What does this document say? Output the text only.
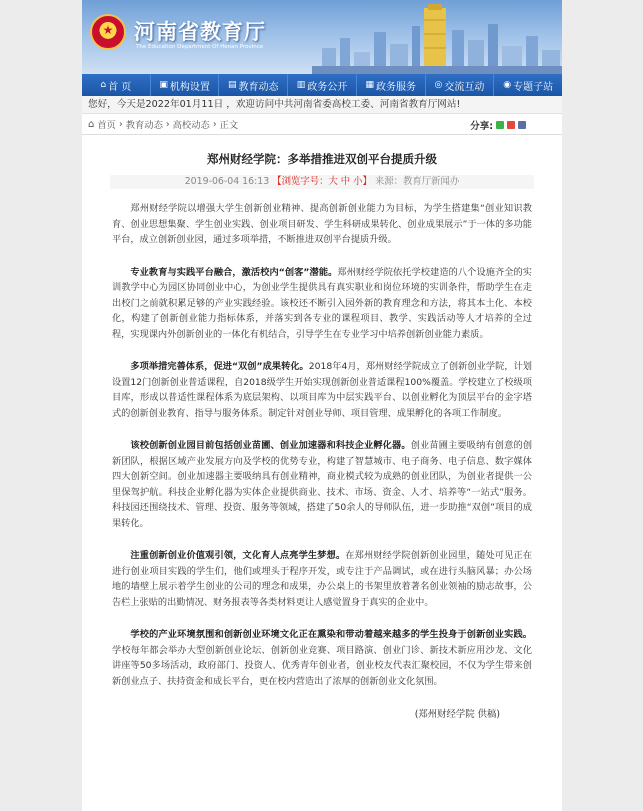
★ 河南省教育厅
The Education Department Of Henan Province
⌂ 首 页	▣ 机构设置 ▤ 教育动态 ▥ 政务公开 ▦ 政务服务 ◎ 交流互动 ◉ 专题子站
您好，今天是2022年01月11日 ，欢迎访问中共河南省委高校工委、河南省教育厅网站!
⌂ 首页 › 教育动态 › 高校动态 › 正文	分享:
郑州财经学院：多举措推进双创平台提质升级
2019-06-04 16:13 【浏览字号：大 中 小】 来源：教育厅新闻办

郑州财经学院以增强大学生创新创业精神、提高创新创业能力为目标，为学生搭建集“创业知识教育、创业思想集聚、学生创业实践、创业项目研发、学生科研成果转化、创业成果展示”于一体的多功能平台，成立创新创业园，通过多项举措，不断推进双创平台提质升级。

专业教育与实践平台融合，激活校内“创客”潜能。郑州财经学院依托学校建造的八个设施齐全的实训教学中心为园区协同创业中心，为创业学生提供具有真实职业和岗位环境的实训条件，帮助学生在走出校门之前就积累足够的产业实践经验。该校还不断引入园外新的教育理念和方法，将其本土化、本校化，构建了创新创业能力指标体系，并落实到各专业的课程项目、教学、实践活动等人才培养的全过程，实现课内外创新创业的一体化有机结合，引导学生在专业学习中培养创新创业能力素质。

多项举措完善体系，促进“双创”成果转化。2018年4月，郑州财经学院成立了创新创业学院，计划设置12门创新创业普适课程，自2018级学生开始实现创新创业普适课程100%覆盖。学校建立了校级项目库，形成以普适性课程体系为底层架构、以项目库为中层实践平台、以创业孵化为顶层平台的金字塔式的创新创业教育、指导与服务体系。制定针对创业导师、项目管理、成果孵化的各项工作制度。

该校创新创业园目前包括创业苗圃、创业加速器和科技企业孵化器。创业苗圃主要吸纳有创意的创新团队，根据区域产业发展方向及学校的优势专业，构建了智慧城市、电子商务、电子信息、数字媒体四大创新空间。创业加速器主要吸纳具有创业精神，商业模式较为成熟的创业团队，为创业者提供一公里保驾护航。科技企业孵化器为实体企业提供商业、技术、市场、资金、人才、培养等“一站式”服务。科技园还围绕技术、管理、投资、服务等领域，搭建了50余人的导师队伍，进一步助推“双创”项目的成果转化。

注重创新创业价值观引领，文化育人点亮学生梦想。在郑州财经学院创新创业园里，随处可见正在进行创业项目实践的学生们，他们或埋头于程序开发，或专注于产品调试，或在进行头脑风暴；办公场地的墙壁上展示着学生创业的公司的理念和成果，办公桌上的书架里放着著名创业领袖的励志故事，公告栏上张贴的出勤情况、财务报表等各类材料更让人感觉置身于真实的企业中。

学校的产业环境氛围和创新创业环境文化正在熏染和带动着越来越多的学生投身于创新创业实践。学校每年都会举办大型创新创业论坛、创新创业竞赛、项目路演、创业门诊、新技术新应用沙龙、文化讲座等50多场活动，政府部门、投资人、优秀青年创业者，创业校友代表汇聚校园，不仅为学生带来创新创业点子、扶持资金和成长平台，更在校内营造出了浓厚的创新创业文化氛围。

(郑州财经学院 供稿)
